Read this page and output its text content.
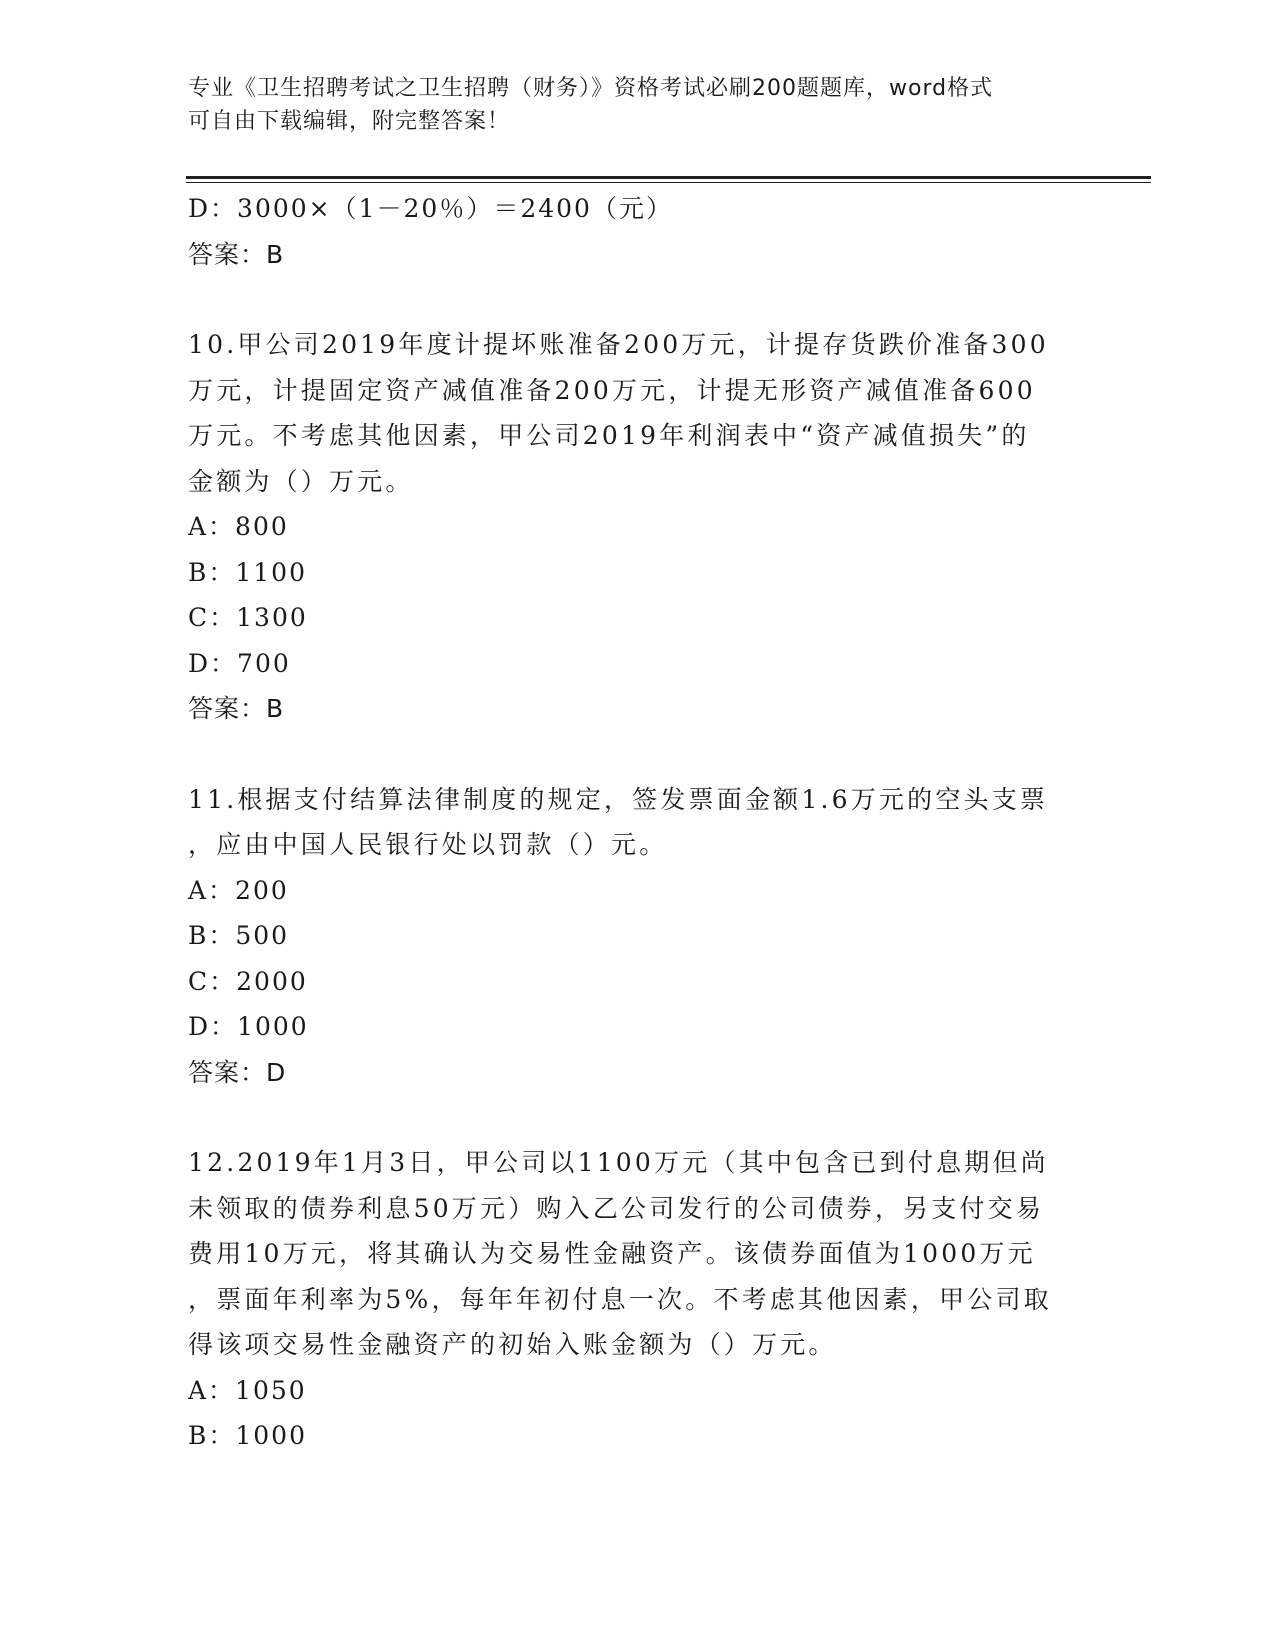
专业《卫生招聘考试之卫生招聘（财务）》资格考试必刷200题题库，word格式
可自由下载编辑，附完整答案！
D：3000×（1－20％）＝2400（元）
答案：B
10.甲公司2019年度计提坏账准备200万元，计提存货跌价准备300
万元，计提固定资产减值准备200万元，计提无形资产减值准备600
万元。不考虑其他因素，甲公司2019年利润表中“资产减值损失”的
金额为（）万元。
A：800
B：1100
C：1300
D：700
答案：B
11.根据支付结算法律制度的规定，签发票面金额1.6万元的空头支票
，应由中国人民银行处以罚款（）元。
A：200
B：500
C：2000
D：1000
答案：D
12.2019年1月3日，甲公司以1100万元（其中包含已到付息期但尚
未领取的债券利息50万元）购入乙公司发行的公司债券，另支付交易
费用10万元，将其确认为交易性金融资产。该债券面值为1000万元
，票面年利率为5%，每年年初付息一次。不考虑其他因素，甲公司取
得该项交易性金融资产的初始入账金额为（）万元。
A：1050
B：1000
